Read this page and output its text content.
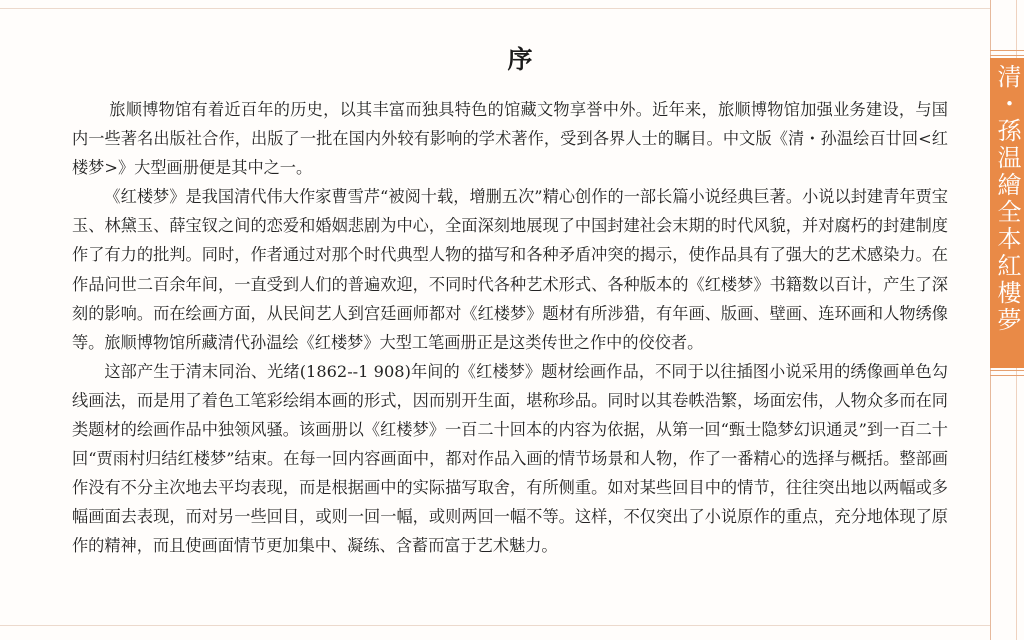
清・孫温繪全本紅樓夢
序

旅顺博物馆有着近百年的历史，以其丰富而独具特色的馆藏文物享誉中外。近年来，旅顺博物馆加强业务建设，与国内一些著名出版社合作，出版了一批在国内外较有影响的学术著作，受到各界人士的瞩目。中文版《清・孙温绘百廿回<红楼梦>》大型画册便是其中之一。

《红楼梦》是我国清代伟大作家曹雪芹“被阅十载，增删五次”精心创作的一部长篇小说经典巨著。小说以封建青年贾宝玉、林黛玉、薛宝钗之间的恋爱和婚姻悲剧为中心，全面深刻地展现了中国封建社会末期的时代风貌，并对腐朽的封建制度作了有力的批判。同时，作者通过对那个时代典型人物的描写和各种矛盾冲突的揭示，使作品具有了强大的艺术感染力。在作品问世二百余年间，一直受到人们的普遍欢迎，不同时代各种艺术形式、各种版本的《红楼梦》书籍数以百计，产生了深刻的影响。而在绘画方面，从民间艺人到宫廷画师都对《红楼梦》题材有所涉猎，有年画、版画、壁画、连环画和人物绣像等。旅顺博物馆所藏清代孙温绘《红楼梦》大型工笔画册正是这类传世之作中的佼佼者。

这部产生于清末同治、光绪(1862--1 908)年间的《红楼梦》题材绘画作品，不同于以往插图小说采用的绣像画单色勾线画法，而是用了着色工笔彩绘绢本画的形式，因而别开生面，堪称珍品。同时以其卷帙浩繁，场面宏伟，人物众多而在同类题材的绘画作品中独领风骚。该画册以《红楼梦》一百二十回本的内容为依据，从第一回“甄士隐梦幻识通灵”到一百二十回“贾雨村归结红楼梦”结束。在每一回内容画面中，都对作品入画的情节场景和人物，作了一番精心的选择与概括。整部画作没有不分主次地去平均表现，而是根据画中的实际描写取舍，有所侧重。如对某些回目中的情节，往往突出地以两幅或多幅画面去表现，而对另一些回目，或则一回一幅，或则两回一幅不等。这样，不仅突出了小说原作的重点，充分地体现了原作的精神，而且使画面情节更加集中、凝练、含蓄而富于艺术魅力。
